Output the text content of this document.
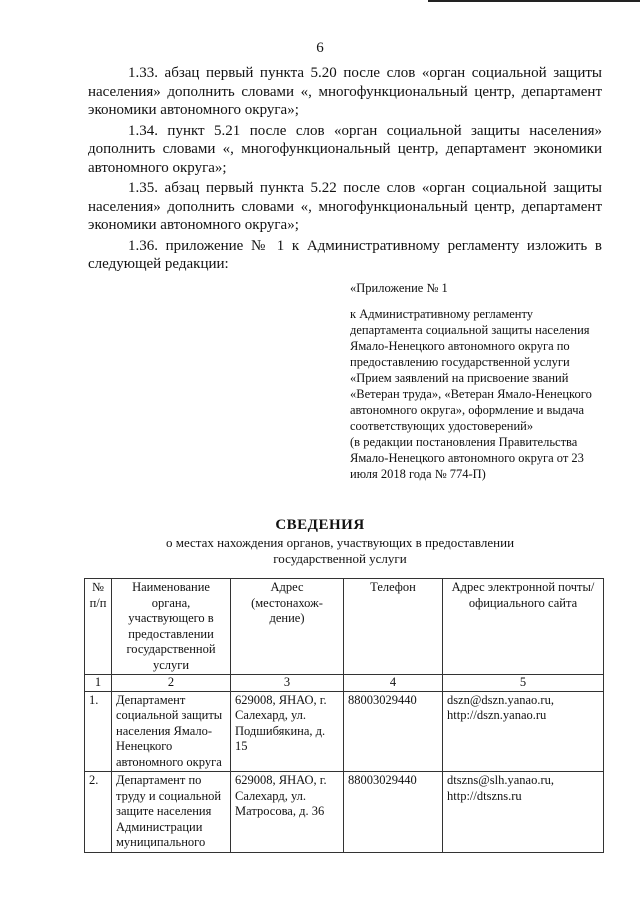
6

1.33. абзац первый пункта 5.20 после слов «орган социальной защиты населения» дополнить словами «, многофункциональный центр, департамент экономики автономного округа»;

1.34. пункт 5.21 после слов «орган социальной защиты населения» дополнить словами «, многофункциональный центр, департамент экономики автономного округа»;

1.35. абзац первый пункта 5.22 после слов «орган социальной защиты населения» дополнить словами «, многофункциональный центр, департамент экономики автономного округа»;

1.36. приложение № 1 к Административному регламенту изложить в следующей редакции:

«Приложение № 1

к Административному регламенту департамента социальной защиты населения Ямало-Ненецкого автономного округа по предоставлению государственной услуги «Прием заявлений на присвоение званий «Ветеран труда», «Ветеран Ямало-Ненецкого автономного округа», оформление и выдача соответствующих удостоверений»

(в редакции постановления Правительства Ямало-Ненецкого автономного округа от 23 июля 2018 года № 774-П)

СВЕДЕНИЯ
о местах нахождения органов, участвующих в предоставлении государственной услуги
№ п/п	Наименование органа, участвующего в предоставлении государственной услуги	Адрес (местонахож-дение)	Телефон	Адрес электронной почты/официального сайта
1	2	3	4	5
1.	Департамент социальной защиты населения Ямало-Ненецкого автономного округа	629008, ЯНАО, г. Салехард, ул. Подшибякина, д. 15	88003029440	dszn@dszn.yanao.ru, http://dszn.yanao.ru
2.	Департамент по труду и социальной защите населения Администрации муниципального	629008, ЯНАО, г. Салехард, ул. Матросова, д. 36	88003029440	dtszns@slh.yanao.ru, http://dtszns.ru
